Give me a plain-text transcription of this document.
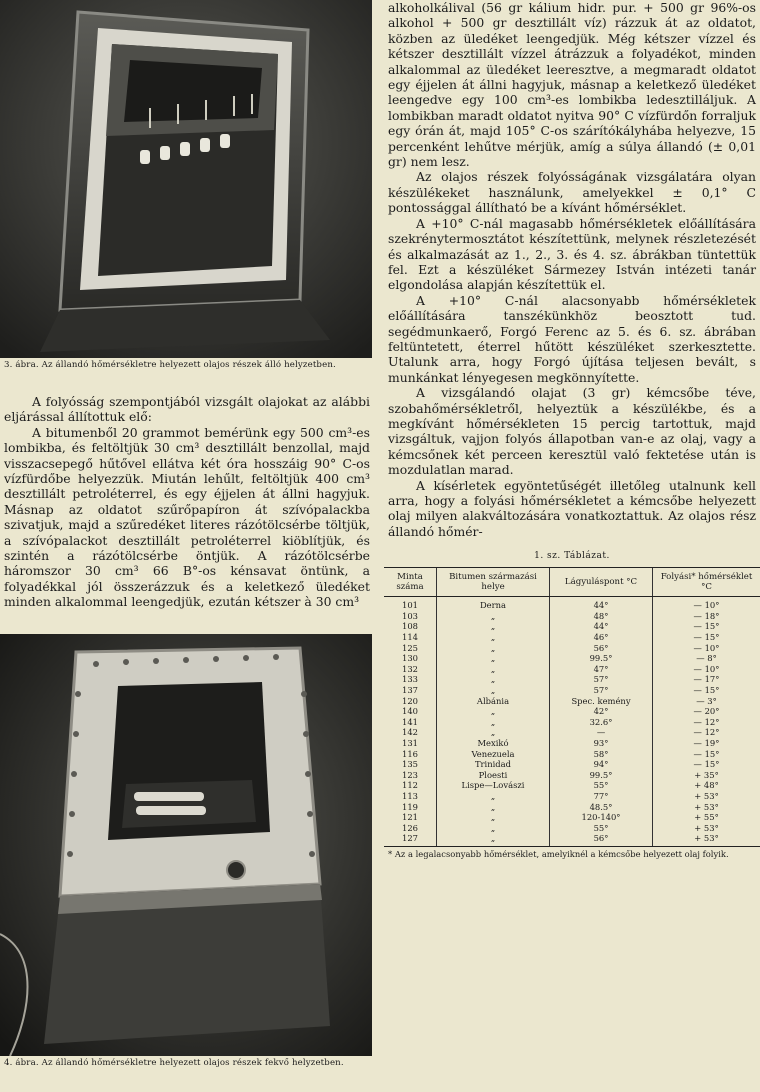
3. ábra. Az állandó hőmérsékletre helyezett olajos részek álló helyzetben.

A folyósság szempontjából vizsgált olajokat az alábbi eljárással állítottuk elő:

A bitumenből 20 grammot bemérünk egy 500 cm³-es lombikba, és feltöltjük 30 cm³ desztillált benzollal, majd visszacsepegő hűtővel ellátva két óra hosszáig 90° C-os vízfürdőbe helyezzük. Miután lehűlt, feltöltjük 400 cm³ desztillált petroléterrel, és egy éjjelen át állni hagyjuk. Másnap az oldatot szűrőpapíron át szívópalackba szivatjuk, majd a szűredéket literes rázótölcsérbe töltjük, a szívópalackot desztillált petroléterrel kiöblítjük, és szintén a rázótölcsérbe öntjük. A rázótölcsérbe háromszor 30 cm³ 66 B°-os kénsavat öntünk, a folyadékkal jól összerázzuk és a keletkező üledéket minden alkalommal leengedjük, ezután kétszer à 30 cm³

4. ábra. Az állandó hőmérsékletre helyezett olajos részek fekvő helyzetben.

alkoholkálival (56 gr kálium hidr. pur. + 500 gr 96%-os alkohol + 500 gr desztillált víz) rázzuk át az oldatot, közben az üledéket leengedjük. Még kétszer vízzel és kétszer desztillált vízzel átrázzuk a folyadékot, minden alkalommal az üledéket leeresztve, a megmaradt oldatot egy éjjelen át állni hagyjuk, másnap a keletkező üledéket leengedve egy 100 cm³-es lombikba ledesztilláljuk. A lombikban maradt oldatot nyitva 90° C vízfürdőn forraljuk egy órán át, majd 105° C-os szárítókályhába helyezve, 15 percenként lehűtve mérjük, amíg a súlya állandó (± 0,01 gr) nem lesz.

Az olajos részek folyósságának vizsgálatára olyan készülékeket használunk, amelyekkel ± 0,1° C pontossággal állítható be a kívánt hőmérséklet.

A +10° C-nál magasabb hőmérsékletek előállítására szekrénytermosztátot készítettünk, melynek részletezését és alkalmazását az 1., 2., 3. és 4. sz. ábrákban tüntettük fel. Ezt a készüléket Sármezey István intézeti tanár elgondolása alapján készítettük el.

A +10° C-nál alacsonyabb hőmérsékletek előállítására tanszékünkhöz beosztott tud. segédmunkaerő, Forgó Ferenc az 5. és 6. sz. ábrában feltüntetett, éterrel hűtött készüléket szerkesztette. Utalunk arra, hogy Forgó újítása teljesen bevált, s munkánkat lényegesen megkönnyítette.

A vizsgálandó olajat (3 gr) kémcsőbe téve, szobahőmérsékletről, helyeztük a készülékbe, és a megkívánt hőmérsékleten 15 percig tartottuk, majd vizsgáltuk, vajjon folyós állapotban van-e az olaj, vagy a kémcsőnek két perceen keresztül való fektetése után is mozdulatlan marad.

A kísérletek egyöntetűségét illetőleg utalnunk kell arra, hogy a folyási hőmérsékletet a kémcsőbe helyezett olaj milyen alakváltozására vonatkoztattuk. Az olajos rész állandó hőmér-

1. sz. Táblázat.
Minta száma	Bitumen származási helye	Lágyuláspont °C	Folyási* hőmérséklet °C
101	Derna	44°	— 10°
103	„	48°	— 18°
108	„	44°	— 15°
114	„	46°	— 15°
125	„	56°	— 10°
130	„	99.5°	— 8°
132	„	47°	— 10°
133	„	57°	— 17°
137	„	57°	— 15°
120	Albánia	Spec. kemény	— 3°
140	„	42°	— 20°
141	„	32.6°	— 12°
142	„	—	— 12°
131	Mexikó	93°	— 19°
116	Venezuela	58°	— 15°
135	Trinidad	94°	— 15°
123	Ploesti	99.5°	+ 35°
112	Lispe—Lovászi	55°	+ 48°
113	„	77°	+ 53°
119	„	48.5°	+ 53°
121	„	120-140°	+ 55°
126	„	55°	+ 53°
127	„	56°	+ 53°
* Az a legalacsonyabb hőmérséklet, amelyiknél a kémcsőbe helyezett olaj folyik.
